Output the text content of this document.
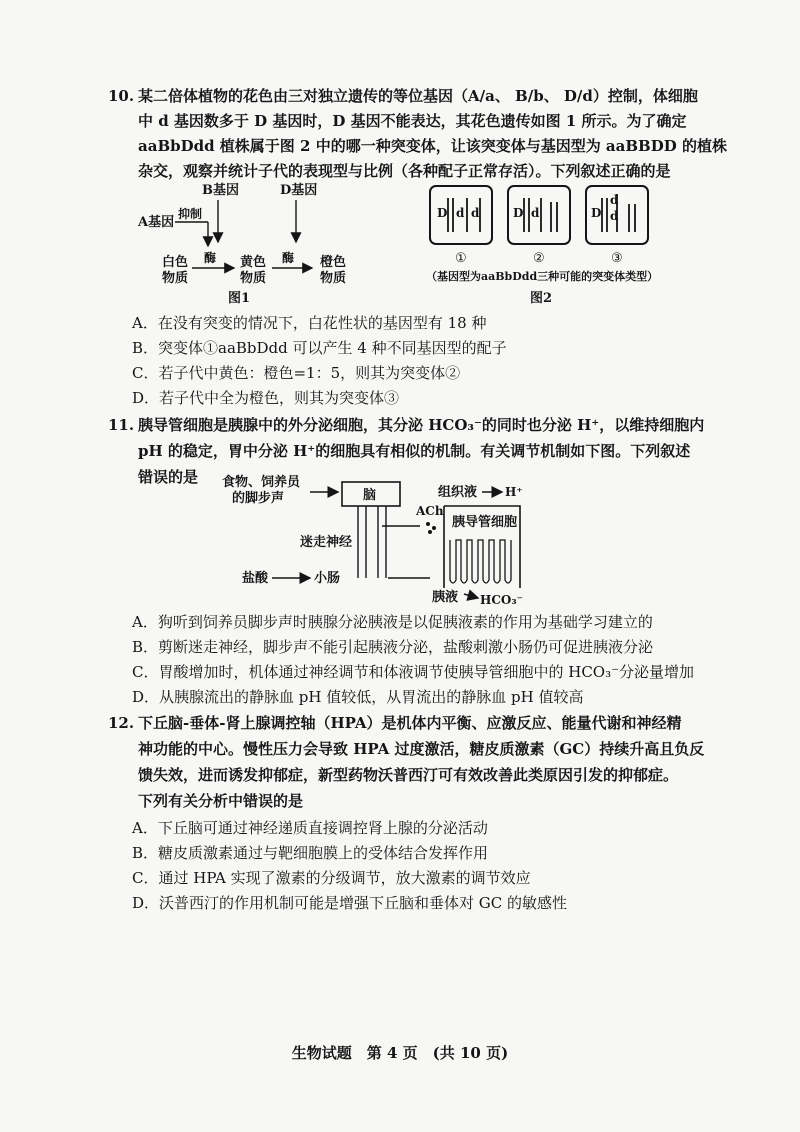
10. 某二倍体植物的花色由三对独立遗传的等位基因（A/a、 B/b、 D/d）控制，体细胞
中 d 基因数多于 D 基因时，D 基因不能表达，其花色遗传如图 1 所示。为了确定
aaBbDdd 植株属于图 2 中的哪一种突变体，让该突变体与基因型为 aaBBDD 的植株
杂交，观察并统计子代的表现型与比例（各种配子正常存活）。下列叙述正确的是
B基因	D基因
A基因
抑制
酶	酶
白色
物质
黄色
物质
橙色
物质
图1
D d d	D d	D
d
d
①	②	③
（基因型为aaBbDdd三种可能的突变体类型）
图2
A．在没有突变的情况下，白花性状的基因型有 18 种
B．突变体①aaBbDdd 可以产生 4 种不同基因型的配子
C．若子代中黄色：橙色=1：5，则其为突变体②
D．若子代中全为橙色，则其为突变体③
11. 胰导管细胞是胰腺中的外分泌细胞，其分泌 HCO₃⁻的同时也分泌 H⁺，以维持细胞内
pH 的稳定，胃中分泌 H⁺的细胞具有相似的机制。有关调节机制如下图。下列叙述
错误的是 食物、饲养员
的脚步声	脑
迷走神经
盐酸	小肠
ACh
组织液 H⁺
胰导管细胞
胰液 HCO₃⁻
A．狗听到饲养员脚步声时胰腺分泌胰液是以促胰液素的作用为基础学习建立的
B．剪断迷走神经，脚步声不能引起胰液分泌，盐酸刺激小肠仍可促进胰液分泌
C．胃酸增加时，机体通过神经调节和体液调节使胰导管细胞中的 HCO₃⁻分泌量增加
D．从胰腺流出的静脉血 pH 值较低，从胃流出的静脉血 pH 值较高
12. 下丘脑-垂体-肾上腺调控轴（HPA）是机体内平衡、应激反应、能量代谢和神经精
神功能的中心。慢性压力会导致 HPA 过度激活，糖皮质激素（GC）持续升高且负反
馈失效，进而诱发抑郁症，新型药物沃普西汀可有效改善此类原因引发的抑郁症。
下列有关分析中错误的是
A．下丘脑可通过神经递质直接调控肾上腺的分泌活动
B．糖皮质激素通过与靶细胞膜上的受体结合发挥作用
C．通过 HPA 实现了激素的分级调节，放大激素的调节效应
D．沃普西汀的作用机制可能是增强下丘脑和垂体对 GC 的敏感性
生物试题　第 4 页　(共 10 页)
